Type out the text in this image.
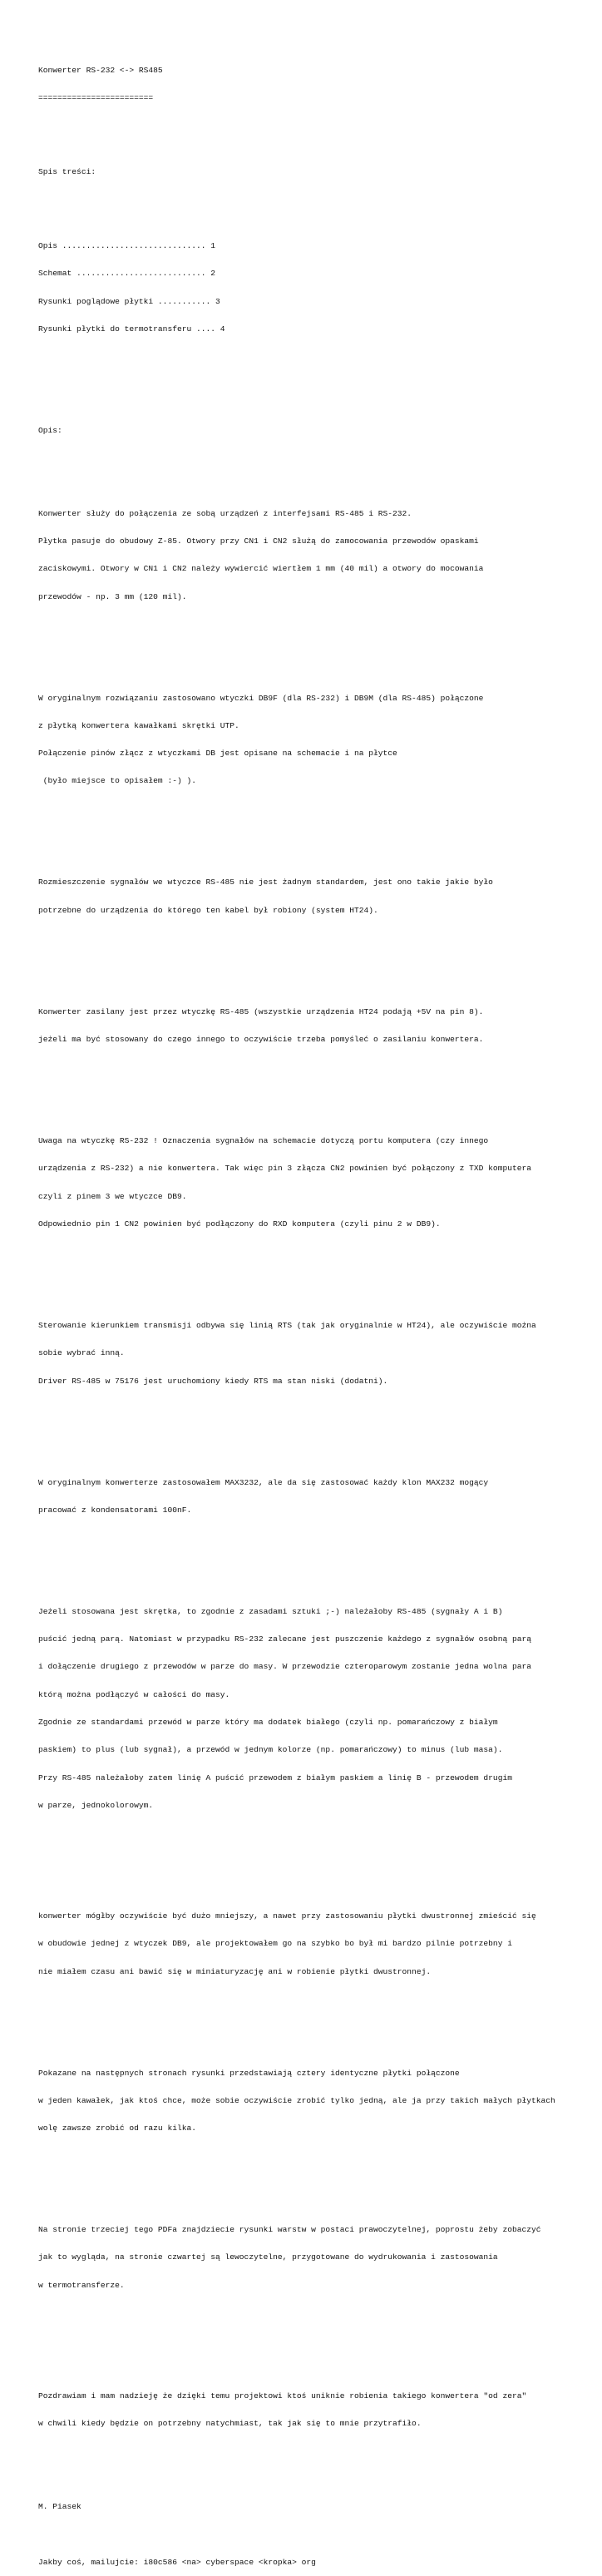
Konwerter RS-232 <-> RS485

========================

Spis treści:

Opis .............................. 1

Schemat ........................... 2

Rysunki poglądowe płytki ........... 3

Rysunki płytki do termotransferu .... 4

Opis:

Konwerter służy do połączenia ze sobą urządzeń z interfejsami RS-485 i RS-232.

Płytka pasuje do obudowy Z-85. Otwory przy CN1 i CN2 służą do zamocowania przewodów opaskami

zaciskowymi. Otwory w CN1 i CN2 należy wywiercić wiertłem 1 mm (40 mil) a otwory do mocowania

przewodów - np. 3 mm (120 mil).

W oryginalnym rozwiązaniu zastosowano wtyczki DB9F (dla RS-232) i DB9M (dla RS-485) połączone

z płytką konwertera kawałkami skrętki UTP.

Połączenie pinów złącz z wtyczkami DB jest opisane na schemacie i na płytce

(było miejsce to opisałem :-) ).

Rozmieszczenie sygnałów we wtyczce RS-485 nie jest żadnym standardem, jest ono takie jakie było

potrzebne do urządzenia do którego ten kabel był robiony (system HT24).

Konwerter zasilany jest przez wtyczkę RS-485 (wszystkie urządzenia HT24 podają +5V na pin 8).

jeżeli ma być stosowany do czego innego to oczywiście trzeba pomyśleć o zasilaniu konwertera.

Uwaga na wtyczkę RS-232 ! Oznaczenia sygnałów na schemacie dotyczą portu komputera (czy innego

urządzenia z RS-232) a nie konwertera. Tak więc pin 3 złącza CN2 powinien być połączony z TXD komputera

czyli z pinem 3 we wtyczce DB9.

Odpowiednio pin 1 CN2 powinien być podłączony do RXD komputera (czyli pinu 2 w DB9).

Sterowanie kierunkiem transmisji odbywa się linią RTS (tak jak oryginalnie w HT24), ale oczywiście można

sobie wybrać inną.

Driver RS-485 w 75176 jest uruchomiony kiedy RTS ma stan niski (dodatni).

W oryginalnym konwerterze zastosowałem MAX3232, ale da się zastosować każdy klon MAX232 mogący

pracować z kondensatorami 100nF.

Jeżeli stosowana jest skrętka, to zgodnie z zasadami sztuki ;-) należałoby RS-485 (sygnały A i B)

puścić jedną parą. Natomiast w przypadku RS-232 zalecane jest puszczenie każdego z sygnałów osobną parą

i dołączenie drugiego z przewodów w parze do masy. W przewodzie czteroparowym zostanie jedna wolna para

którą można podłączyć w całości do masy.

Zgodnie ze standardami przewód w parze który ma dodatek białego (czyli np. pomarańczowy z białym

paskiem) to plus (lub sygnał), a przewód w jednym kolorze (np. pomarańczowy) to minus (lub masa).

Przy RS-485 należałoby zatem linię A puścić przewodem z białym paskiem a linię B - przewodem drugim

w parze, jednokolorowym.

konwerter mógłby oczywiście być dużo mniejszy, a nawet przy zastosowaniu płytki dwustronnej zmieścić się

w obudowie jednej z wtyczek DB9, ale projektowałem go na szybko bo był mi bardzo pilnie potrzebny i

nie miałem czasu ani bawić się w miniaturyzację ani w robienie płytki dwustronnej.

Pokazane na następnych stronach rysunki przedstawiają cztery identyczne płytki połączone

w jeden kawałek, jak ktoś chce, może sobie oczywiście zrobić tylko jedną, ale ja przy takich małych płytkach

wolę zawsze zrobić od razu kilka.

Na stronie trzeciej tego PDFa znajdziecie rysunki warstw w postaci prawoczytelnej, poprostu żeby zobaczyć

jak to wygląda, na stronie czwartej są lewoczytelne, przygotowane do wydrukowania i zastosowania

w termotransferze.

Pozdrawiam i mam nadzieję że dzięki temu projektowi ktoś uniknie robienia takiego konwertera "od zera"

w chwili kiedy będzie on potrzebny natychmiast, tak jak się to mnie przytrafiło.

M. Piasek

Jakby coś, mailujcie: i80c586 <na> cyberspace <kropka> org
